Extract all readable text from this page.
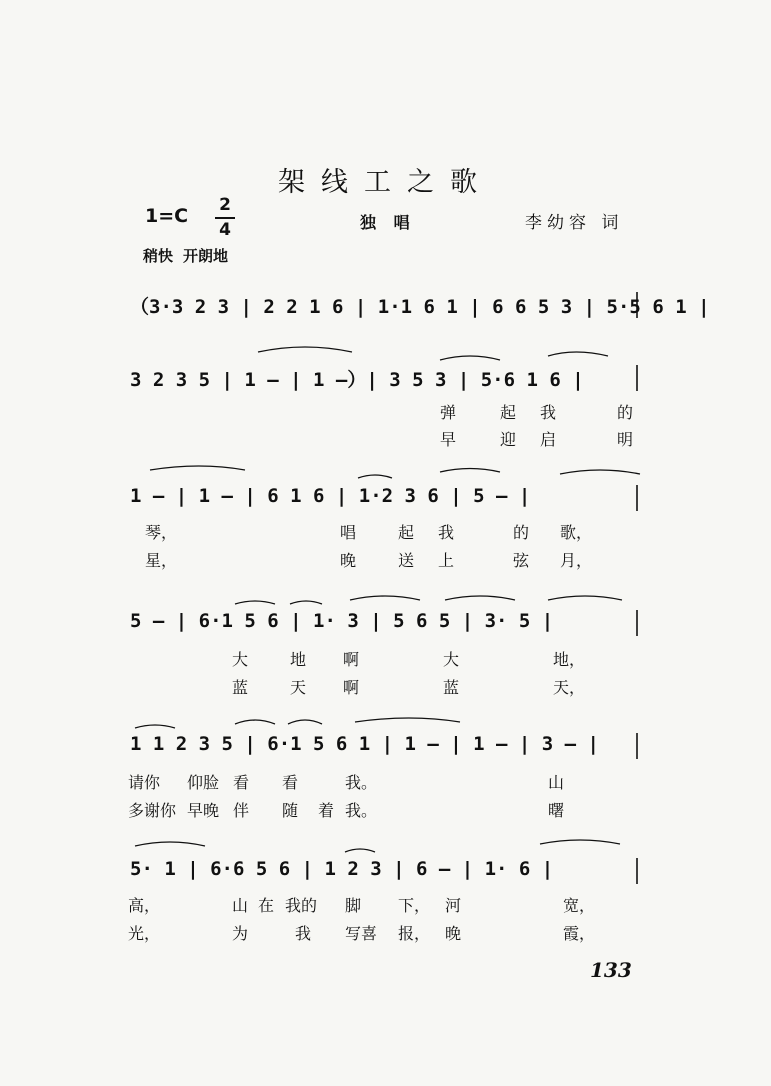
架线工之歌
1=C	2
4	独 唱	李幼容 词
稍快 开朗地
（3·3 2 3 | 2 2 1 6 | 1·1 6 1 | 6 6 5 3 | 5·5 6 1 |
3 2 3 5 | 1 — | 1 —）| 3 5 3 | 5·6 1 6 |
弹	起 我	的
早	迎 启	明
1 — | 1 — | 6 1 6 | 1·2 3 6 | 5 — |
琴，	唱	起 我	的 歌，
星，	晚	送 上	弦 月，
5 — | 6·1 5 6 | 1· 3 | 5 6 5 | 3· 5 |
大	地 啊	大	地，
蓝	天 啊	蓝	天，
1 1 2 3 5 | 6·1 5 6 1 | 1 — | 1 — | 3 — |
请你 仰脸 看 看	我。	山
多谢你 早晚 伴 随 着 我。	曙
5· 1 | 6·6 5 6 | 1 2 3 | 6 — | 1· 6 |
高，	山 在 我的 脚 下， 河	宽，
光，	为	我 写喜 报， 晚	霞，
133
